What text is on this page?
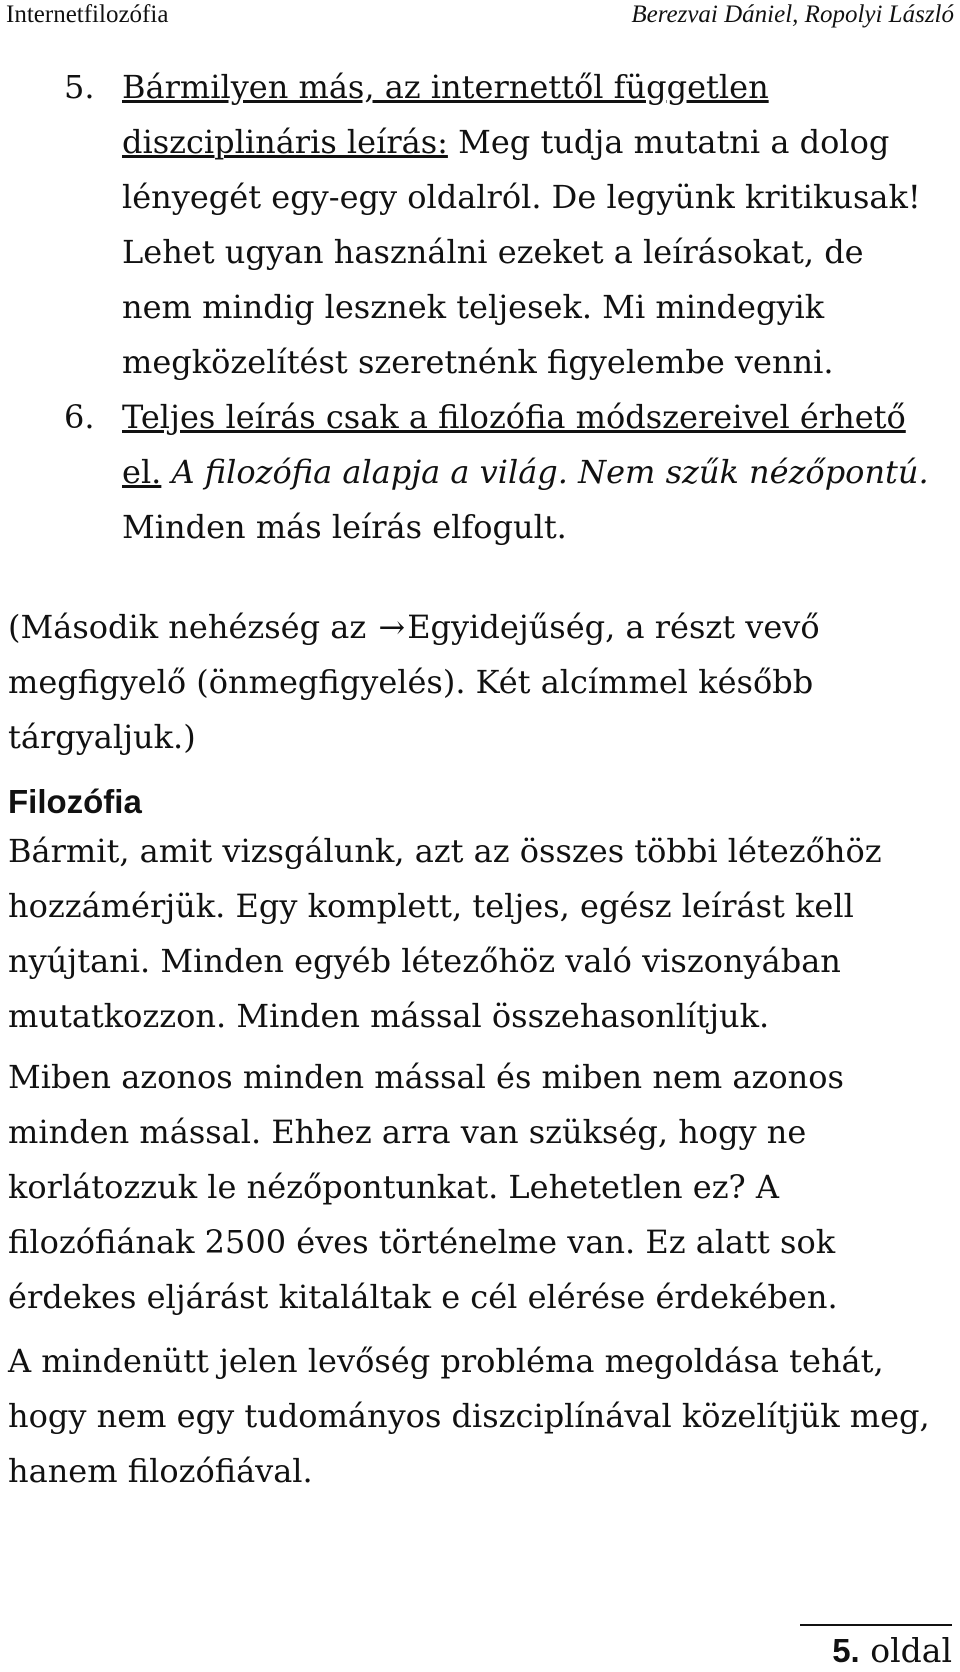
Internetfilozófia	Berezvai Dániel, Ropolyi László
5. Bármilyen más, az internettől független diszciplináris leírás: Meg tudja mutatni a dolog lényegét egy-egy oldalról. De legyünk kritikusak! Lehet ugyan használni ezeket a leírásokat, de nem mindig lesznek teljesek. Mi mindegyik megközelítést szeretnénk figyelembe venni.
6. Teljes leírás csak a filozófia módszereivel érhető el. A filozófia alapja a világ. Nem szűk nézőpontú. Minden más leírás elfogult.

(Második nehézség az →Egyidejűség, a részt vevő megfigyelő (önmegfigyelés). Két alcímmel később tárgyaljuk.)

Filozófia

Bármit, amit vizsgálunk, azt az összes többi létezőhöz hozzámérjük. Egy komplett, teljes, egész leírást kell nyújtani. Minden egyéb létezőhöz való viszonyában mutatkozzon. Minden mással összehasonlítjuk.

Miben azonos minden mással és miben nem azonos minden mással. Ehhez arra van szükség, hogy ne korlátozzuk le nézőpontunkat. Lehetetlen ez? A filozófiának 2500 éves történelme van. Ez alatt sok érdekes eljárást kitaláltak e cél elérése érdekében.

A mindenütt jelen levőség probléma megoldása tehát, hogy nem egy tudományos diszciplínával közelítjük meg, hanem filozófiával.

5. oldal
